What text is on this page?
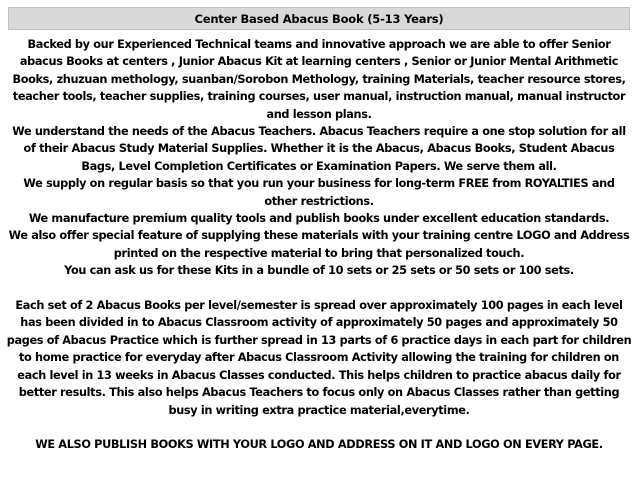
Center Based Abacus Book (5-13 Years)

Backed by our Experienced Technical teams and innovative approach we are able to offer Senior abacus Books at centers , Junior Abacus Kit at learning centers , Senior or Junior Mental Arithmetic Books, zhuzuan methology, suanban/Sorobon Methology, training Materials, teacher resource stores, teacher tools, teacher supplies, training courses, user manual, instruction manual, manual instructor and lesson plans.

We understand the needs of the Abacus Teachers. Abacus Teachers require a one stop solution for all of their Abacus Study Material Supplies. Whether it is the Abacus, Abacus Books, Student Abacus Bags, Level Completion Certificates or Examination Papers. We serve them all.

We supply on regular basis so that you run your business for long-term FREE from ROYALTIES and other restrictions.

We manufacture premium quality tools and publish books under excellent education standards.

We also offer special feature of supplying these materials with your training centre LOGO and Address printed on the respective material to bring that personalized touch.

You can ask us for these Kits in a bundle of 10 sets or 25 sets or 50 sets or 100 sets.

Each set of 2 Abacus Books per level/semester is spread over approximately 100 pages in each level has been divided in to Abacus Classroom activity of approximately 50 pages and approximately 50 pages of Abacus Practice which is further spread in 13 parts of 6 practice days in each part for children to home practice for everyday after Abacus Classroom Activity allowing the training for children on each level in 13 weeks in Abacus Classes conducted. This helps children to practice abacus daily for better results. This also helps Abacus Teachers to focus only on Abacus Classes rather than getting busy in writing extra practice material,everytime.

WE ALSO PUBLISH BOOKS WITH YOUR LOGO AND ADDRESS ON IT AND LOGO ON EVERY PAGE.
